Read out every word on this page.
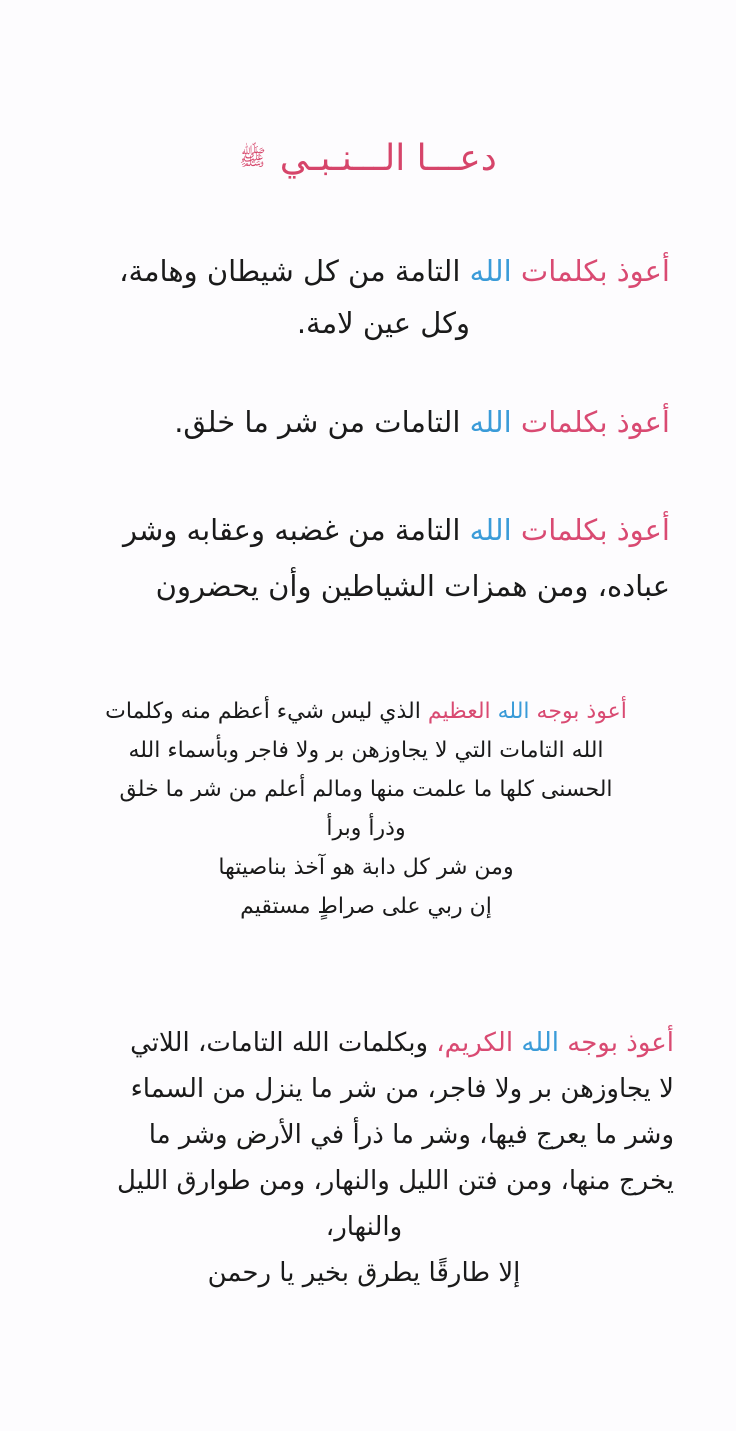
دعـــا الـــنـبـيﷺ

أعوذ بكلمات الله التامة من كل شيطان وهامة،

وكل عين لامة.

أعوذ بكلمات الله التامات من شر ما خلق.

أعوذ بكلمات الله التامة من غضبه وعقابه وشر

عباده، ومن همزات الشياطين وأن يحضرون

أعوذ بوجه الله العظيم الذي ليس شيء أعظم منه وكلمات

الله التامات التي لا يجاوزهن بر ولا فاجر وبأسماء الله

الحسنى كلها ما علمت منها ومالم أعلم من شر ما خلق

وذرأ وبرأ

ومن شر كل دابة هو آخذ بناصيتها

إن ربي على صراطٍ مستقيم

أعوذ بوجه الله الكريم، وبكلمات الله التامات، اللاتي

لا يجاوزهن بر ولا فاجر، من شر ما ينزل من السماء

وشر ما يعرج فيها، وشر ما ذرأ في الأرض وشر ما

يخرج منها، ومن فتن الليل والنهار، ومن طوارق الليل

والنهار،

إلا طارقًا يطرق بخير يا رحمن
